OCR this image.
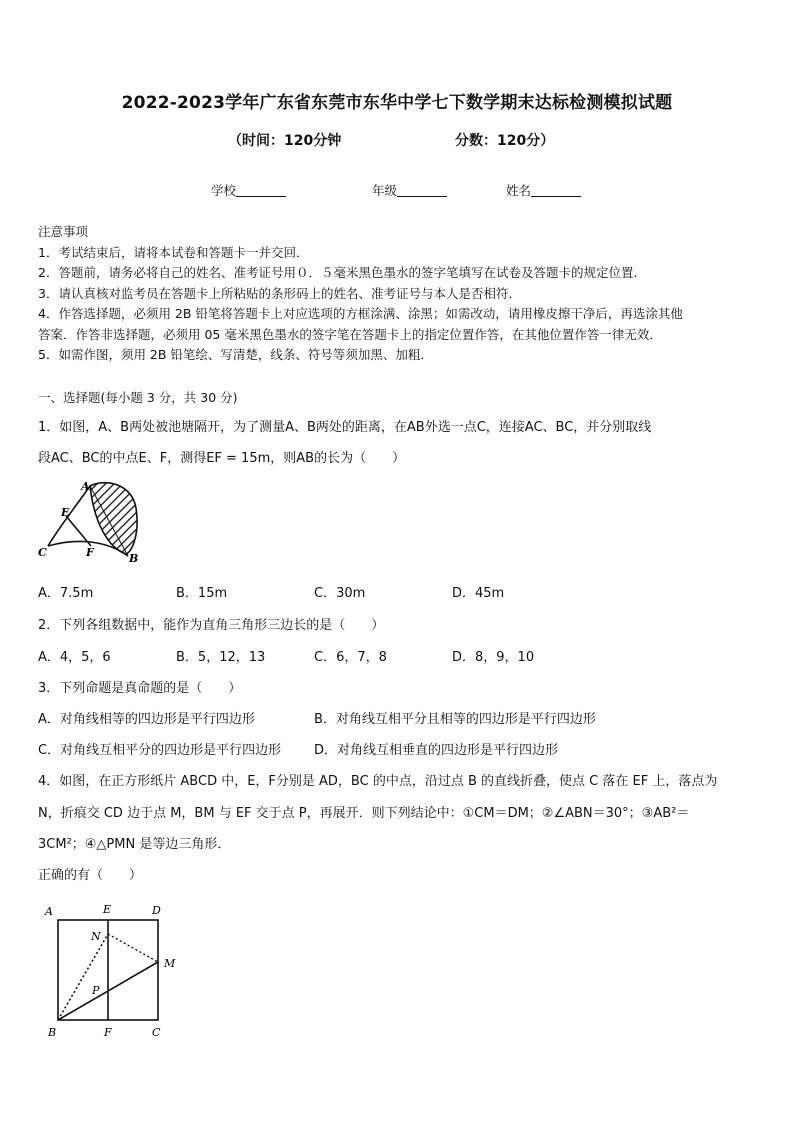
2022-2023学年广东省东莞市东华中学七下数学期末达标检测模拟试题
（时间：120分钟	分数：120分）
学校	年级	姓名
注意事项
1．考试结束后，请将本试卷和答题卡一并交回．
2．答题前，请务必将自己的姓名、准考证号用０．５毫米黑色墨水的签字笔填写在试卷及答题卡的规定位置．
3．请认真核对监考员在答题卡上所粘贴的条形码上的姓名、准考证号与本人是否相符．
4．作答选择题，必须用 2B 铅笔将答题卡上对应选项的方框涂满、涂黑；如需改动，请用橡皮擦干净后，再选涂其他
答案．作答非选择题，必须用 05 毫米黑色墨水的签字笔在答题卡上的指定位置作答，在其他位置作答一律无效．
5．如需作图，须用 2B 铅笔绘、写清楚，线条、符号等须加黑、加粗．
一、选择题(每小题 3 分，共 30 分)
1．如图，A、B两处被池塘隔开，为了测量A、B两处的距离，在AB外选一点C，连接AC、BC，并分别取线
段AC、BC的中点E、F，测得EF = 15m，则AB的长为（　　）
A
E
C	F	B
A．7.5m	B．15m	C．30m	D．45m
2．下列各组数据中，能作为直角三角形三边长的是（　　）
A．4，5，6	B．5，12，13	C．6，7，8	D．8，9，10
3．下列命题是真命题的是（　　）
A．对角线相等的四边形是平行四边形	B．对角线互相平分且相等的四边形是平行四边形
C．对角线互相平分的四边形是平行四边形	D．对角线互相垂直的四边形是平行四边形
4．如图，在正方形纸片 ABCD 中，E，F分别是 AD，BC 的中点，沿过点 B 的直线折叠，使点 C 落在 EF 上，落点为
N，折痕交 CD 边于点 M，BM 与 EF 交于点 P，再展开．则下列结论中：①CM＝DM；②∠ABN＝30°；③AB²＝
3CM²；④△PMN 是等边三角形．
正确的有（　　）
A	E	D
N
M
P
B	F	C
